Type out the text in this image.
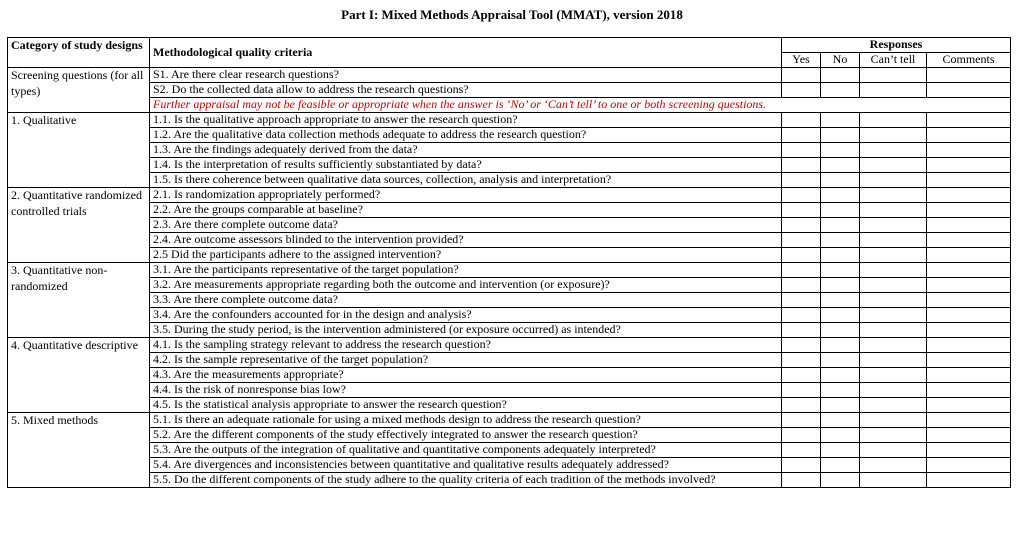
Part I: Mixed Methods Appraisal Tool (MMAT), version 2018
Category of study designs	Methodological quality criteria	Responses			
		Yes	No	Can’t tell	Comments
Screening questions (for all types)	S1. Are there clear research questions?				
	S2. Do the collected data allow to address the research questions?				
	Further appraisal may not be feasible or appropriate when the answer is ‘No’ or ‘Can’t tell’ to one or both screening questions.				
1. Qualitative	1.1. Is the qualitative approach appropriate to answer the research question?				
	1.2. Are the qualitative data collection methods adequate to address the research question?				
	1.3. Are the findings adequately derived from the data?				
	1.4. Is the interpretation of results sufficiently substantiated by data?				
	1.5. Is there coherence between qualitative data sources, collection, analysis and interpretation?				
2. Quantitative randomized controlled trials	2.1. Is randomization appropriately performed?				
	2.2. Are the groups comparable at baseline?				
	2.3. Are there complete outcome data?				
	2.4. Are outcome assessors blinded to the intervention provided?				
	2.5 Did the participants adhere to the assigned intervention?				
3. Quantitative non-randomized	3.1. Are the participants representative of the target population?				
	3.2. Are measurements appropriate regarding both the outcome and intervention (or exposure)?				
	3.3. Are there complete outcome data?				
	3.4. Are the confounders accounted for in the design and analysis?				
	3.5. During the study period, is the intervention administered (or exposure occurred) as intended?				
4. Quantitative descriptive	4.1. Is the sampling strategy relevant to address the research question?				
	4.2. Is the sample representative of the target population?				
	4.3. Are the measurements appropriate?				
	4.4. Is the risk of nonresponse bias low?				
	4.5. Is the statistical analysis appropriate to answer the research question?				
5. Mixed methods	5.1. Is there an adequate rationale for using a mixed methods design to address the research question?				
	5.2. Are the different components of the study effectively integrated to answer the research question?				
	5.3. Are the outputs of the integration of qualitative and quantitative components adequately interpreted?				
	5.4. Are divergences and inconsistencies between quantitative and qualitative results adequately addressed?				
	5.5. Do the different components of the study adhere to the quality criteria of each tradition of the methods involved?				
